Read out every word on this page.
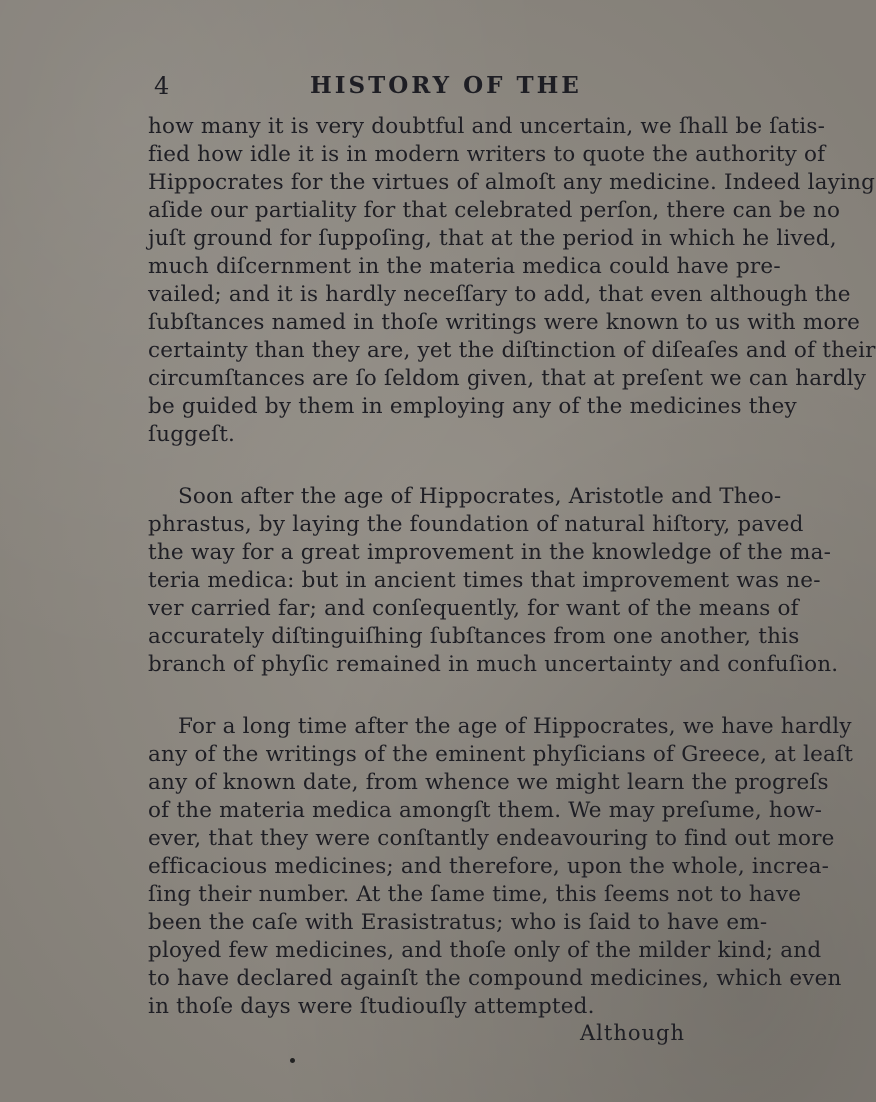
4	HISTORY OF THE
how many it is very doubtful and uncertain, we ſhall be ſatis-
fied how idle it is in modern writers to quote the authority of
Hippocrates for the virtues of almoſt any medicine. Indeed laying
aſide our partiality for that celebrated perſon, there can be no
juſt ground for ſuppoſing, that at the period in which he lived,
much diſcernment in the materia medica could have pre-
vailed; and it is hardly neceſſary to add, that even although the
ſubſtances named in thoſe writings were known to us with more
certainty than they are, yet the diſtinction of diſeaſes and of their
circumſtances are ſo ſeldom given, that at preſent we can hardly
be guided by them in employing any of the medicines they
ſuggeſt.
Soon after the age of Hippocrates, Aristotle and Theo-
phrastus, by laying the foundation of natural hiſtory, paved
the way for a great improvement in the knowledge of the ma-
teria medica: but in ancient times that improvement was ne-
ver carried far; and conſequently, for want of the means of
accurately diſtinguiſhing ſubſtances from one another, this
branch of phyſic remained in much uncertainty and confuſion.
For a long time after the age of Hippocrates, we have hardly
any of the writings of the eminent phyſicians of Greece, at leaſt
any of known date, from whence we might learn the progreſs
of the materia medica amongſt them. We may preſume, how-
ever, that they were conſtantly endeavouring to find out more
efficacious medicines; and therefore, upon the whole, increa-
ſing their number. At the ſame time, this ſeems not to have
been the caſe with Erasistratus; who is ſaid to have em-
ployed few medicines, and thoſe only of the milder kind; and
to have declared againſt the compound medicines, which even
in thoſe days were ſtudiouſly attempted.
Although
